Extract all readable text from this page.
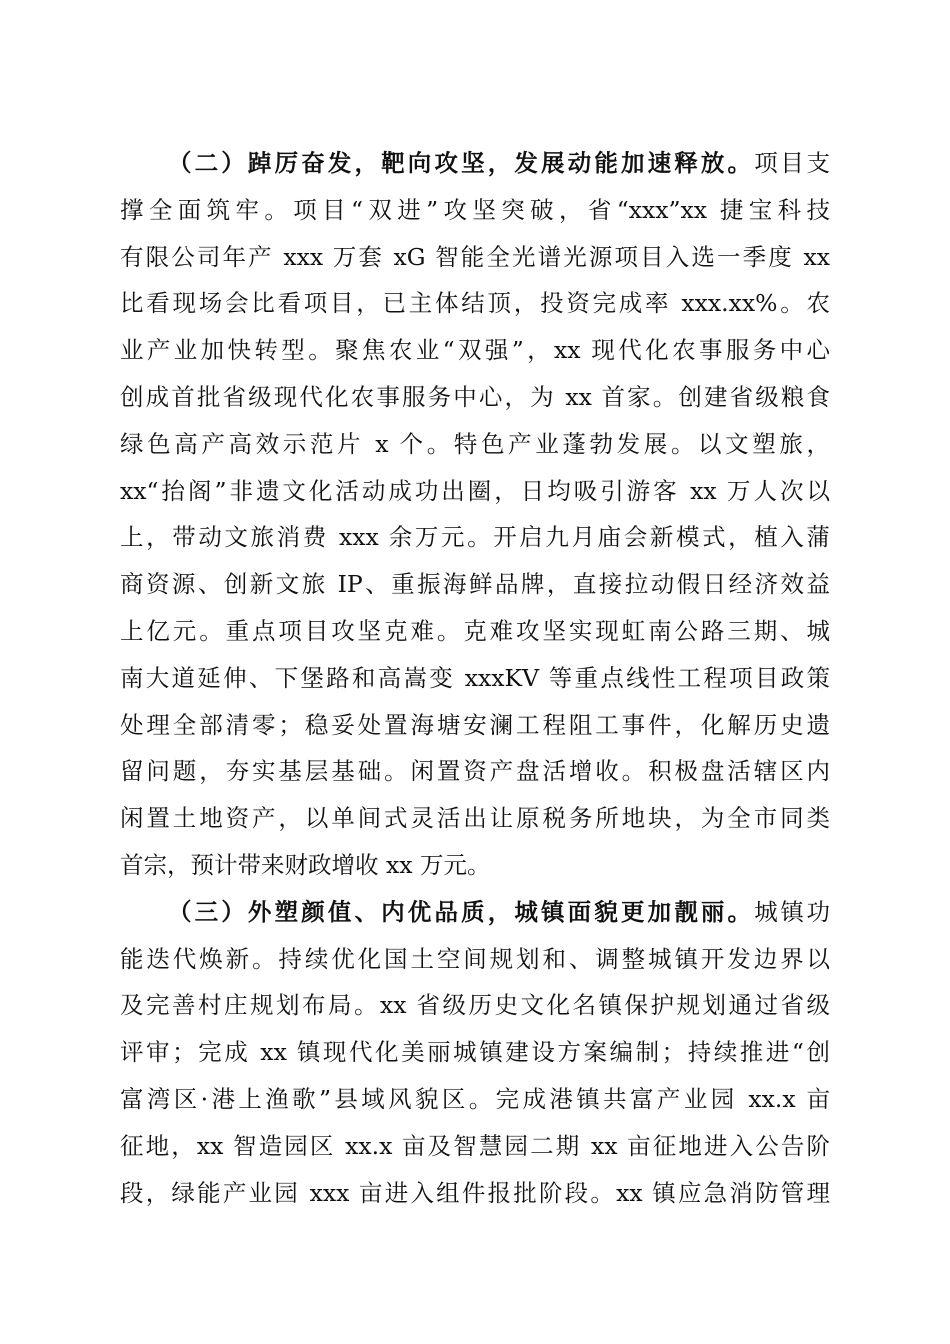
（二）踔厉奋发，靶向攻坚，发展动能加速释放。项目支
撑全面筑牢。项目“双进”攻坚突破，省“xxx”xx 捷宝科技
有限公司年产 xxx 万套 xG 智能全光谱光源项目入选一季度 xx
比看现场会比看项目，已主体结顶，投资完成率 xxx.xx%。农
业产业加快转型。聚焦农业“双强”，xx 现代化农事服务中心
创成首批省级现代化农事服务中心，为 xx 首家。创建省级粮食
绿色高产高效示范片 x 个。特色产业蓬勃发展。以文塑旅，
xx“抬阁”非遗文化活动成功出圈，日均吸引游客 xx 万人次以
上，带动文旅消费 xxx 余万元。开启九月庙会新模式，植入蒲
商资源、创新文旅 IP、重振海鲜品牌，直接拉动假日经济效益
上亿元。重点项目攻坚克难。克难攻坚实现虹南公路三期、城
南大道延伸、下堡路和高嵩变 xxxKV 等重点线性工程项目政策
处理全部清零；稳妥处置海塘安澜工程阻工事件，化解历史遗
留问题，夯实基层基础。闲置资产盘活增收。积极盘活辖区内
闲置土地资产，以单间式灵活出让原税务所地块，为全市同类
首宗，预计带来财政增收 xx 万元。
（三）外塑颜值、内优品质，城镇面貌更加靓丽。城镇功
能迭代焕新。持续优化国土空间规划和、调整城镇开发边界以
及完善村庄规划布局。xx 省级历史文化名镇保护规划通过省级
评审；完成 xx 镇现代化美丽城镇建设方案编制；持续推进“创
富湾区·港上渔歌”县域风貌区。完成港镇共富产业园 xx.x 亩
征地，xx 智造园区 xx.x 亩及智慧园二期 xx 亩征地进入公告阶
段，绿能产业园 xxx 亩进入组件报批阶段。xx 镇应急消防管理
